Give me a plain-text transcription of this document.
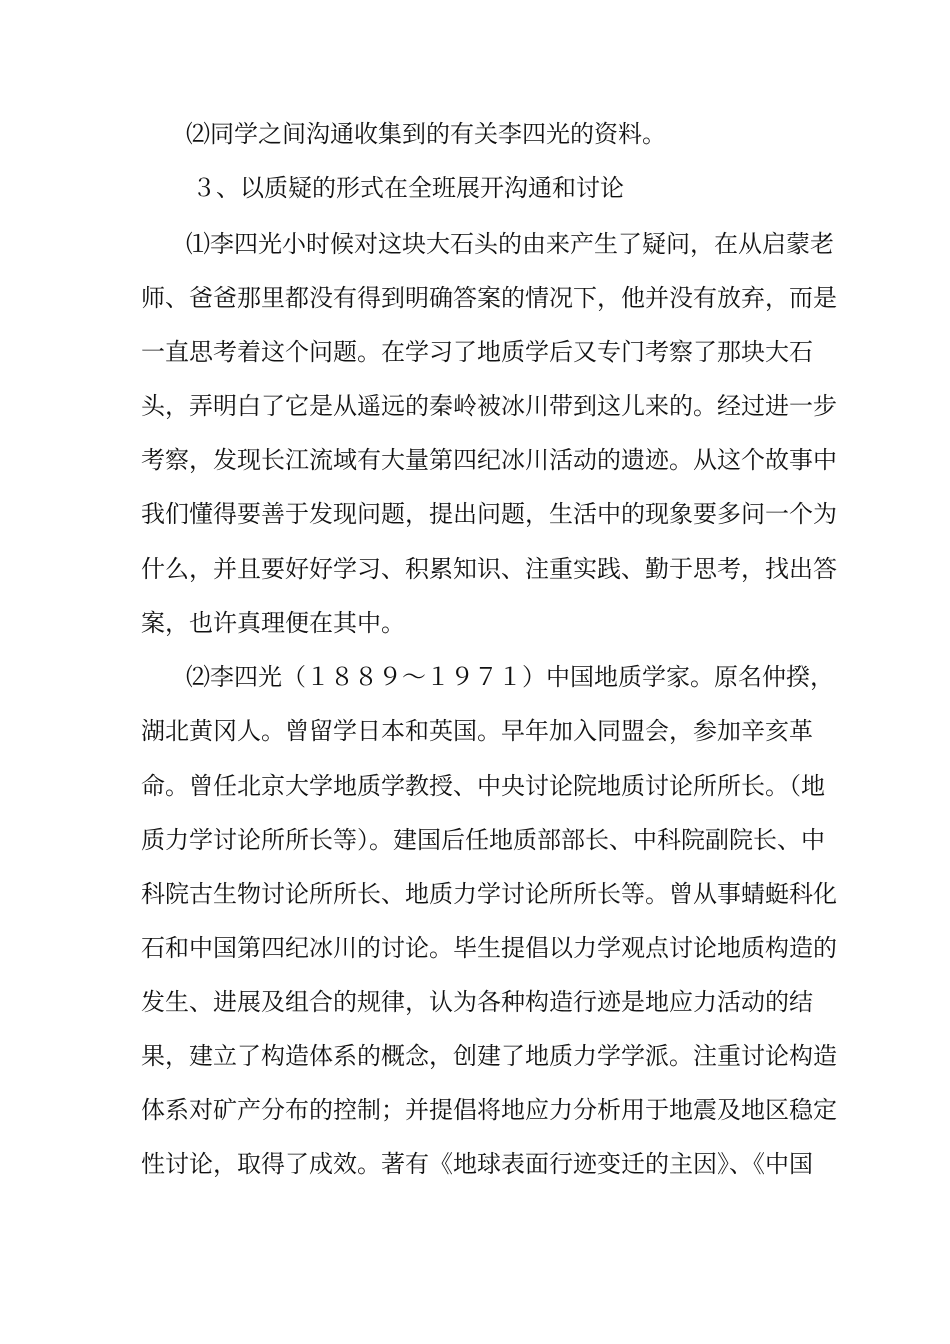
⑵同学之间沟通收集到的有关李四光的资料。
３、以质疑的形式在全班展开沟通和讨论
⑴李四光小时候对这块大石头的由来产生了疑问，在从启蒙老
师、爸爸那里都没有得到明确答案的情况下，他并没有放弃，而是
一直思考着这个问题。在学习了地质学后又专门考察了那块大石
头，弄明白了它是从遥远的秦岭被冰川带到这儿来的。经过进一步
考察，发现长江流域有大量第四纪冰川活动的遗迹。从这个故事中
我们懂得要善于发现问题，提出问题，生活中的现象要多问一个为
什么，并且要好好学习、积累知识、注重实践、勤于思考，找出答
案，也许真理便在其中。
⑵李四光（１８８９～１９７１）中国地质学家。原名仲揆，
湖北黄冈人。曾留学日本和英国。早年加入同盟会，参加辛亥革
命。曾任北京大学地质学教授、中央讨论院地质讨论所所长。（地
质力学讨论所所长等）。建国后任地质部部长、中科院副院长、中
科院古生物讨论所所长、地质力学讨论所所长等。曾从事蜻蜓科化
石和中国第四纪冰川的讨论。毕生提倡以力学观点讨论地质构造的
发生、进展及组合的规律，认为各种构造行迹是地应力活动的结
果，建立了构造体系的概念，创建了地质力学学派。注重讨论构造
体系对矿产分布的控制；并提倡将地应力分析用于地震及地区稳定
性讨论，取得了成效。著有《地球表面行迹变迁的主因》、《中国
